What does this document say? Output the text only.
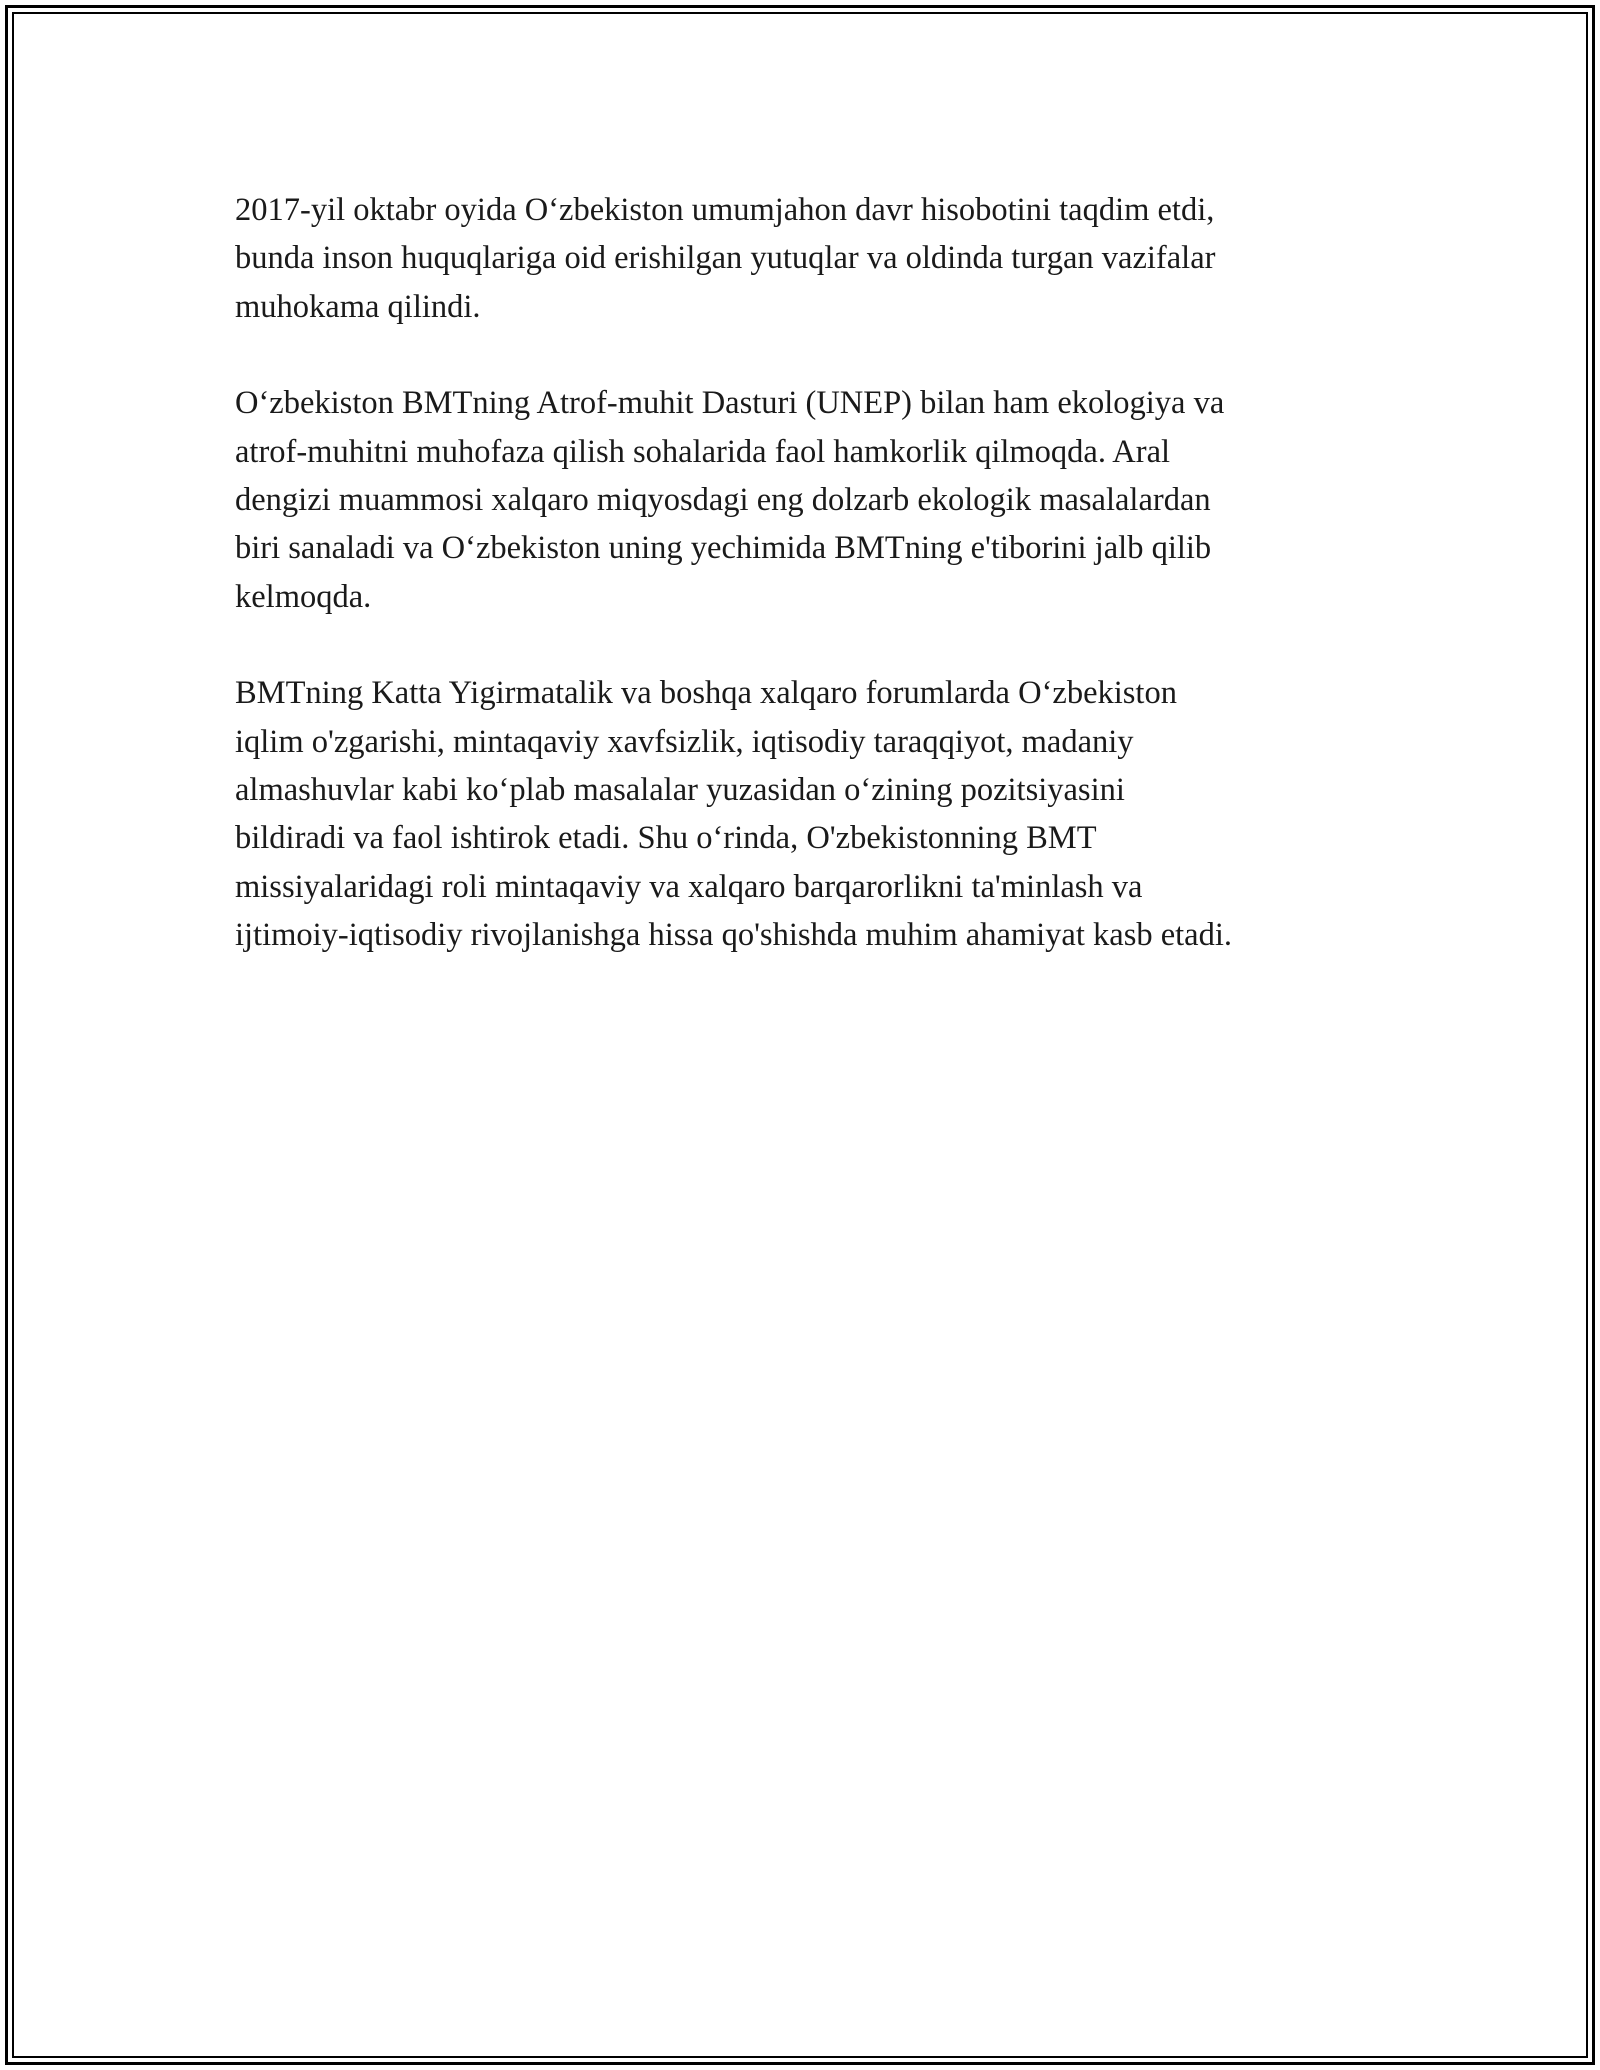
2017-yil oktabr oyida O‘zbekiston umumjahon davr hisobotini taqdim etdi,
bunda inson huquqlariga oid erishilgan yutuqlar va oldinda turgan vazifalar
muhokama qilindi.

O‘zbekiston BMTning Atrof-muhit Dasturi (UNEP) bilan ham ekologiya va
atrof-muhitni muhofaza qilish sohalarida faol hamkorlik qilmoqda. Aral
dengizi muammosi xalqaro miqyosdagi eng dolzarb ekologik masalalardan
biri sanaladi va O‘zbekiston uning yechimida BMTning e'tiborini jalb qilib
kelmoqda.

BMTning Katta Yigirmatalik va boshqa xalqaro forumlarda O‘zbekiston
iqlim o'zgarishi, mintaqaviy xavfsizlik, iqtisodiy taraqqiyot, madaniy
almashuvlar kabi ko‘plab masalalar yuzasidan o‘zining pozitsiyasini
bildiradi va faol ishtirok etadi. Shu o‘rinda, O'zbekistonning BMT
missiyalaridagi roli mintaqaviy va xalqaro barqarorlikni ta'minlash va
ijtimoiy-iqtisodiy rivojlanishga hissa qo'shishda muhim ahamiyat kasb etadi.
